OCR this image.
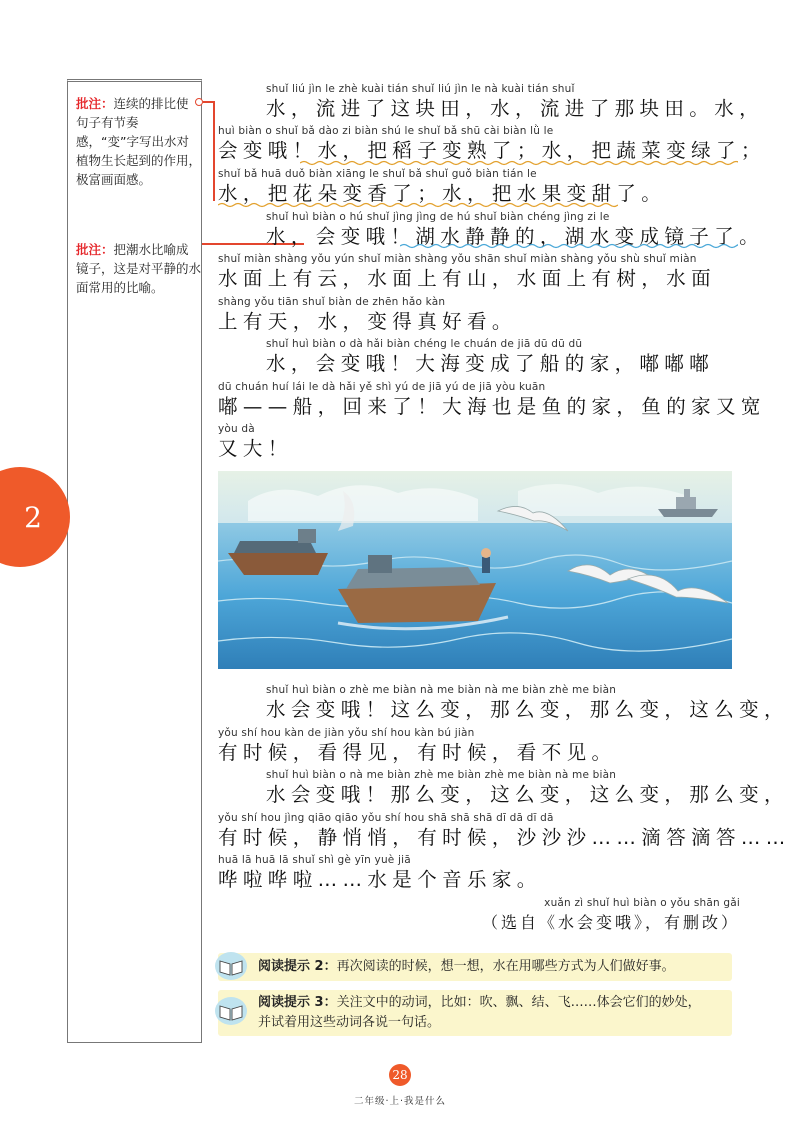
批注：连续的排比使句子有节奏感，“变”字写出水对植物生长起到的作用，极富画面感。
批注：把潮水比喻成镜子，这是对平静的水面常用的比喻。
2
shuǐ liú jìn le zhè kuài tián shuǐ liú jìn le nà kuài tián shuǐ
水，流进了这块田，水，流进了那块田。水，
huì biàn o shuǐ bǎ dào zi biàn shú le shuǐ bǎ shū cài biàn lǜ le
会变哦！水，把稻子变熟了；水，把蔬菜变绿了；
shuǐ bǎ huā duǒ biàn xiāng le shuǐ bǎ shuǐ guǒ biàn tián le
水，把花朵变香了；水，把水果变甜了。
shuǐ huì biàn o hú shuǐ jìng jìng de hú shuǐ biàn chéng jìng zi le
水，会变哦！湖水静静的，湖水变成镜子了。
shuǐ miàn shàng yǒu yún shuǐ miàn shàng yǒu shān shuǐ miàn shàng yǒu shù shuǐ miàn
水面上有云，水面上有山，水面上有树，水面
shàng yǒu tiān shuǐ biàn de zhēn hǎo kàn
上有天，水，变得真好看。
shuǐ huì biàn o dà hǎi biàn chéng le chuán de jiā dū dū dū
水，会变哦！大海变成了船的家，嘟嘟嘟
dū chuán huí lái le dà hǎi yě shì yú de jiā yú de jiā yòu kuān
嘟——船，回来了！大海也是鱼的家，鱼的家又宽
yòu dà
又大！
shuǐ huì biàn o zhè me biàn nà me biàn nà me biàn zhè me biàn
水会变哦！这么变，那么变，那么变，这么变，
yǒu shí hou kàn de jiàn yǒu shí hou kàn bú jiàn
有时候，看得见，有时候，看不见。
shuǐ huì biàn o nà me biàn zhè me biàn zhè me biàn nà me biàn
水会变哦！那么变，这么变，这么变，那么变，
yǒu shí hou jìng qiāo qiāo yǒu shí hou shā shā shā dī dā dī dā
有时候，静悄悄，有时候，沙沙沙……滴答滴答……
huā lā huā lā shuǐ shì gè yīn yuè jiā
哗啦哗啦……水是个音乐家。
xuǎn zì shuǐ huì biàn o yǒu shān gǎi
（选自《水会变哦》，有删改）
阅读提示 2：再次阅读的时候，想一想，水在用哪些方式为人们做好事。
阅读提示 3：关注文中的动词，比如：吹、飘、结、飞……体会它们的妙处，
并试着用这些动词各说一句话。
28
二年级·上·我是什么
